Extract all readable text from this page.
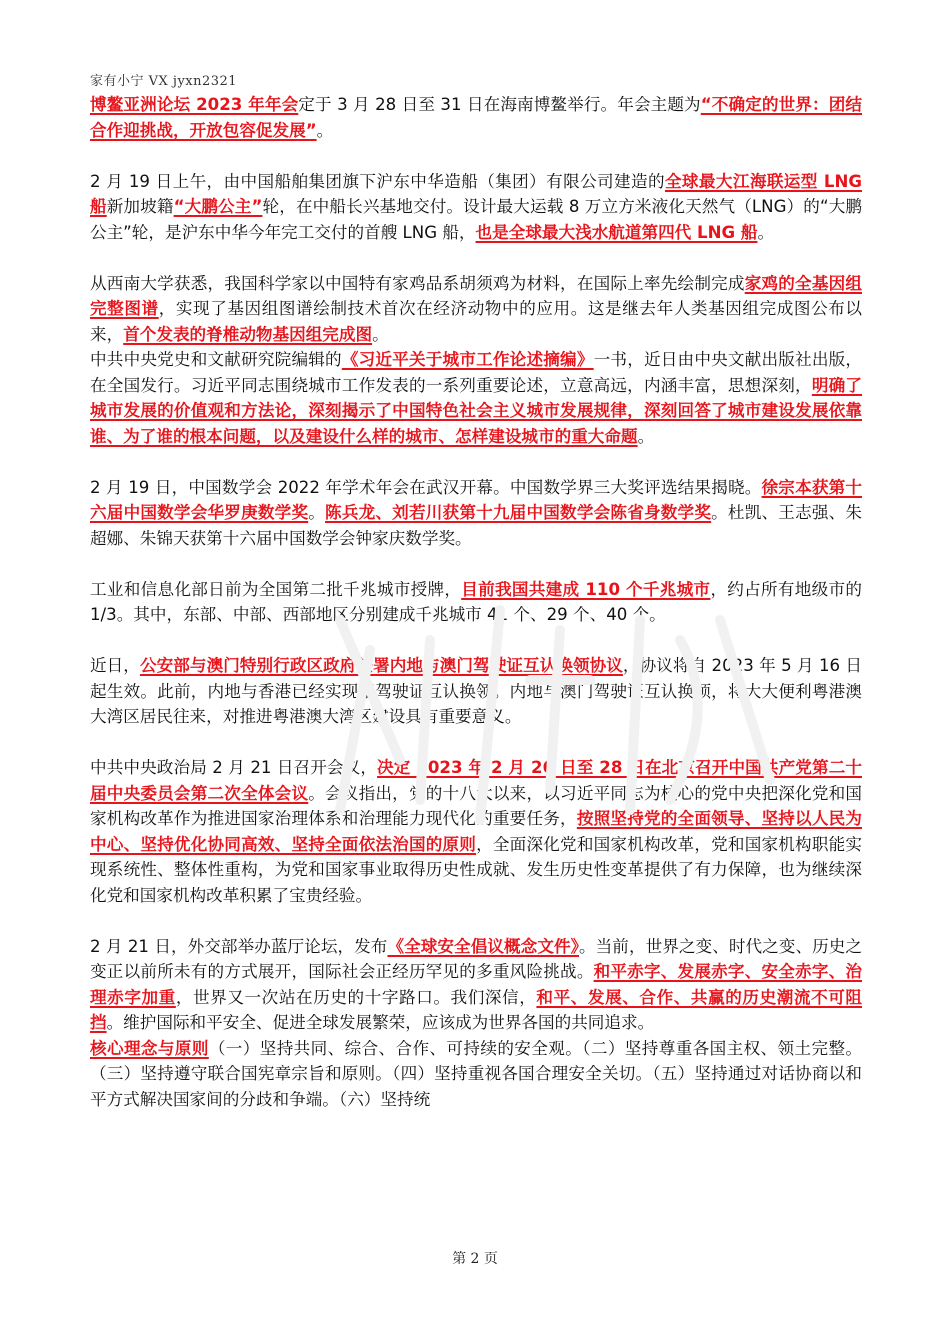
家有小宁 VX jyxn2321

博鳌亚洲论坛 2023 年年会定于 3 月 28 日至 31 日在海南博鳌举行。年会主题为“不确定的世界：团结合作迎挑战，开放包容促发展”。

2 月 19 日上午，由中国船舶集团旗下沪东中华造船（集团）有限公司建造的全球最大江海联运型 LNG 船新加坡籍“大鹏公主”轮，在中船长兴基地交付。设计最大运载 8 万立方米液化天然气（LNG）的“大鹏公主”轮，是沪东中华今年完工交付的首艘 LNG 船，也是全球最大浅水航道第四代 LNG 船。

从西南大学获悉，我国科学家以中国特有家鸡品系胡须鸡为材料，在国际上率先绘制完成家鸡的全基因组完整图谱，实现了基因组图谱绘制技术首次在经济动物中的应用。这是继去年人类基因组完成图公布以来，首个发表的脊椎动物基因组完成图。

中共中央党史和文献研究院编辑的《习近平关于城市工作论述摘编》一书，近日由中央文献出版社出版，在全国发行。习近平同志围绕城市工作发表的一系列重要论述，立意高远，内涵丰富，思想深刻，明确了城市发展的价值观和方法论，深刻揭示了中国特色社会主义城市发展规律，深刻回答了城市建设发展依靠谁、为了谁的根本问题，以及建设什么样的城市、怎样建设城市的重大命题。

2 月 19 日，中国数学会 2022 年学术年会在武汉开幕。中国数学界三大奖评选结果揭晓。徐宗本获第十六届中国数学会华罗庚数学奖。陈兵龙、刘若川获第十九届中国数学会陈省身数学奖。杜凯、王志强、朱超娜、朱锦天获第十六届中国数学会钟家庆数学奖。

工业和信息化部日前为全国第二批千兆城市授牌，目前我国共建成 110 个千兆城市，约占所有地级市的 1/3。其中，东部、中部、西部地区分别建成千兆城市 41 个、29 个、40 个。

近日，公安部与澳门特别行政区政府签署内地与澳门驾驶证互认换领协议，协议将自 2023 年 5 月 16 日起生效。此前，内地与香港已经实现了驾驶证互认换领。内地与澳门驾驶证互认换领，将大大便利粤港澳大湾区居民往来，对推进粤港澳大湾区建设具有重要意义。

中共中央政治局 2 月 21 日召开会议，决定 2023 年 2 月 26 日至 28 日在北京召开中国共产党第二十届中央委员会第二次全体会议。会议指出，党的十八大以来，以习近平同志为核心的党中央把深化党和国家机构改革作为推进国家治理体系和治理能力现代化的重要任务，按照坚持党的全面领导、坚持以人民为中心、坚持优化协同高效、坚持全面依法治国的原则，全面深化党和国家机构改革，党和国家机构职能实现系统性、整体性重构，为党和国家事业取得历史性成就、发生历史性变革提供了有力保障，也为继续深化党和国家机构改革积累了宝贵经验。

2 月 21 日，外交部举办蓝厅论坛，发布《全球安全倡议概念文件》。当前，世界之变、时代之变、历史之变正以前所未有的方式展开，国际社会正经历罕见的多重风险挑战。和平赤字、发展赤字、安全赤字、治理赤字加重，世界又一次站在历史的十字路口。我们深信，和平、发展、合作、共赢的历史潮流不可阻挡。维护国际和平安全、促进全球发展繁荣，应该成为世界各国的共同追求。

核心理念与原则（一）坚持共同、综合、合作、可持续的安全观。（二）坚持尊重各国主权、领土完整。（三）坚持遵守联合国宪章宗旨和原则。（四）坚持重视各国合理安全关切。（五）坚持通过对话协商以和平方式解决国家间的分歧和争端。（六）坚持统

第 2 页
